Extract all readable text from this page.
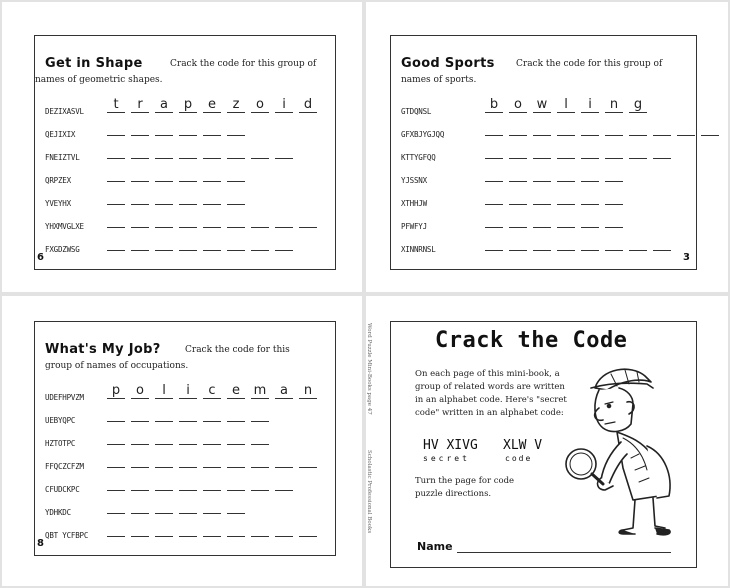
Get in Shape	Crack the code for this group of
names of geometric shapes.
DEZIXASVL	t	r	a	p	e	z	o	i	d
QEJIXIX
FNEIZTVL
QRPZEX
YVEYHX
YHXMVGLXE
FXGDZWSG
6
Good Sports Crack the code for this group of
names of sports.
GTDQNSL	b	o	w	l	i	n	g
GFXBJYGJQQ
KTTYGFQQ
YJSSNX
XTHHJW
PFWFYJ
XINNRNSL
3
What's My Job?	Crack the code for this
group of names of occupations.
UDEFHPVZM	p	o	l	i	c	e	m	a	n
UEBYQPC
HZTOTPC
FFQCZCFZM
CFUDCKPC
YDHKDC
QBT YCFBPC
8
Word Puzzle Mini-Books page 47
Scholastic Professional Books
Crack the Code
On each page of this mini-book, a
group of related words are written
in an alphabet code. Here's "secret
code" written in an alphabet code:
HV XIVG XLW V
secret	code
Turn the page for code
puzzle directions.
Name
